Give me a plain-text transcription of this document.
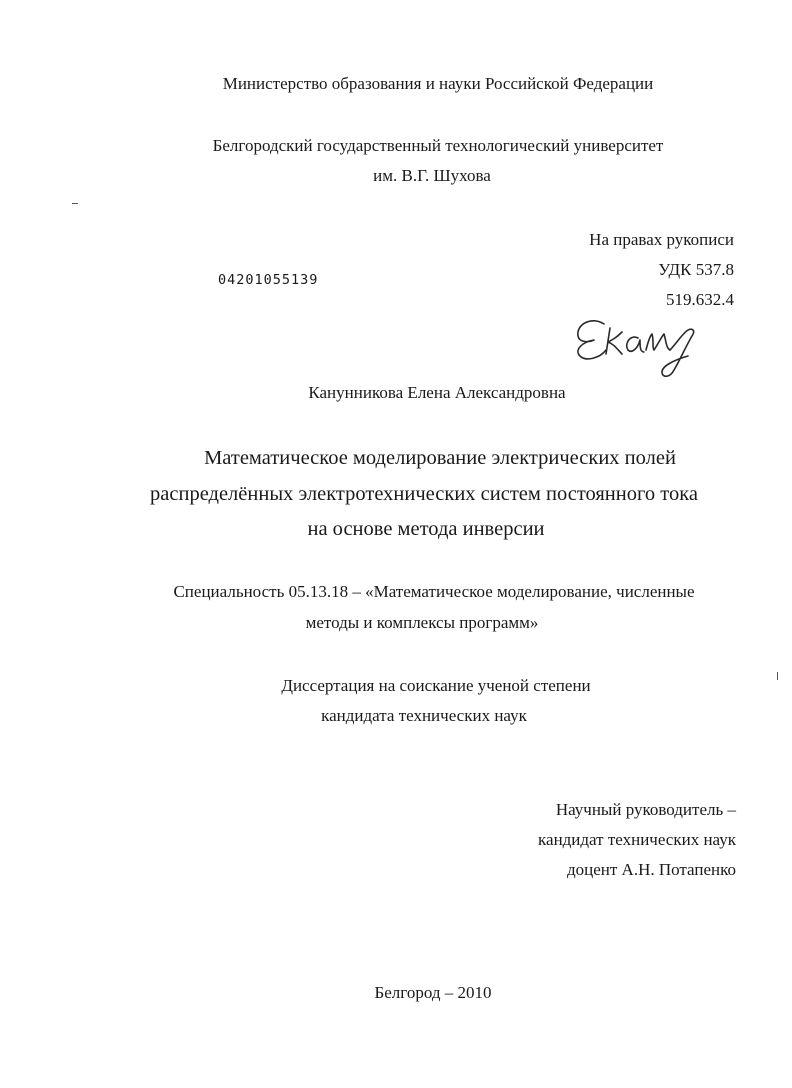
Министерство образования и науки Российской Федерации
Белгородский государственный технологический университет
им. В.Г. Шухова
04201055139
На правах рукописи
УДК 537.8
519.632.4
Канунникова Елена Александровна
Математическое моделирование электрических полей
распределённых электротехнических систем постоянного тока
на основе метода инверсии
Специальность 05.13.18 – «Математическое моделирование, численные
методы и комплексы программ»
Диссертация на соискание ученой степени
кандидата технических наук
Научный руководитель –
кандидат технических наук
доцент А.Н. Потапенко
Белгород – 2010
